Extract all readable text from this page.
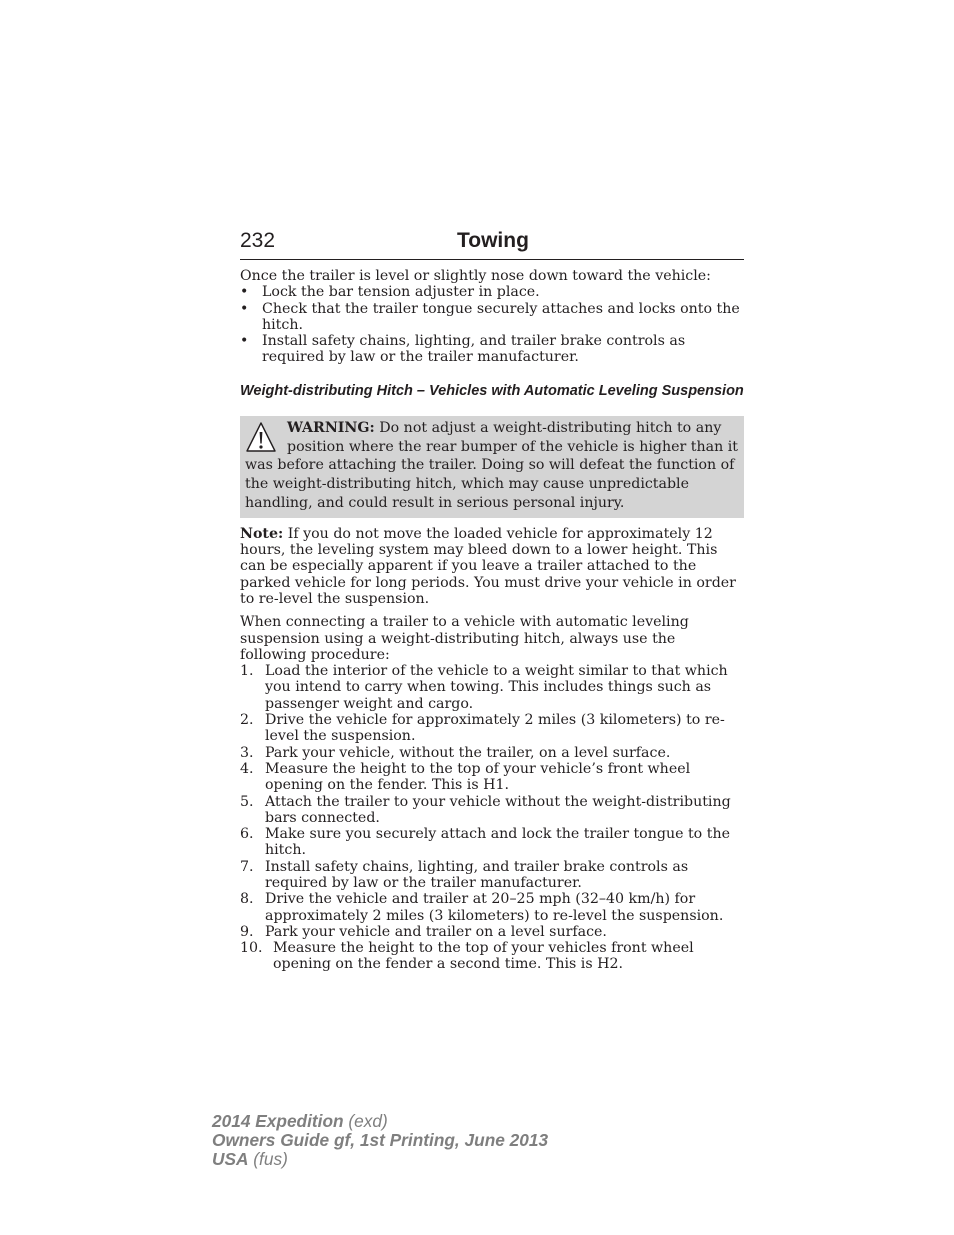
232	Towing

Once the trailer is level or slightly nose down toward the vehicle:

• Lock the bar tension adjuster in place.
• Check that the trailer tongue securely attaches and locks onto the hitch.
• Install safety chains, lighting, and trailer brake controls as required by law or the trailer manufacturer.
Weight-distributing Hitch – Vehicles with Automatic Leveling Suspension
WARNING: Do not adjust a weight-distributing hitch to any position where the rear bumper of the vehicle is higher than it was before attaching the trailer. Doing so will defeat the function of the weight-distributing hitch, which may cause unpredictable handling, and could result in serious personal injury.

Note: If you do not move the loaded vehicle for approximately 12 hours, the leveling system may bleed down to a lower height. This can be especially apparent if you leave a trailer attached to the parked vehicle for long periods. You must drive your vehicle in order to re-level the suspension.

When connecting a trailer to a vehicle with automatic leveling suspension using a weight-distributing hitch, always use the following procedure:

1. Load the interior of the vehicle to a weight similar to that which you intend to carry when towing. This includes things such as passenger weight and cargo.
2. Drive the vehicle for approximately 2 miles (3 kilometers) to re-level the suspension.
3. Park your vehicle, without the trailer, on a level surface.
4. Measure the height to the top of your vehicle’s front wheel opening on the fender. This is H1.
5. Attach the trailer to your vehicle without the weight-distributing bars connected.
6. Make sure you securely attach and lock the trailer tongue to the hitch.
7. Install safety chains, lighting, and trailer brake controls as required by law or the trailer manufacturer.
8. Drive the vehicle and trailer at 20–25 mph (32–40 km/h) for approximately 2 miles (3 kilometers) to re-level the suspension.
9. Park your vehicle and trailer on a level surface.
10. Measure the height to the top of your vehicles front wheel opening on the fender a second time. This is H2.
2014 Expedition (exd)
Owners Guide gf, 1st Printing, June 2013
USA (fus)
